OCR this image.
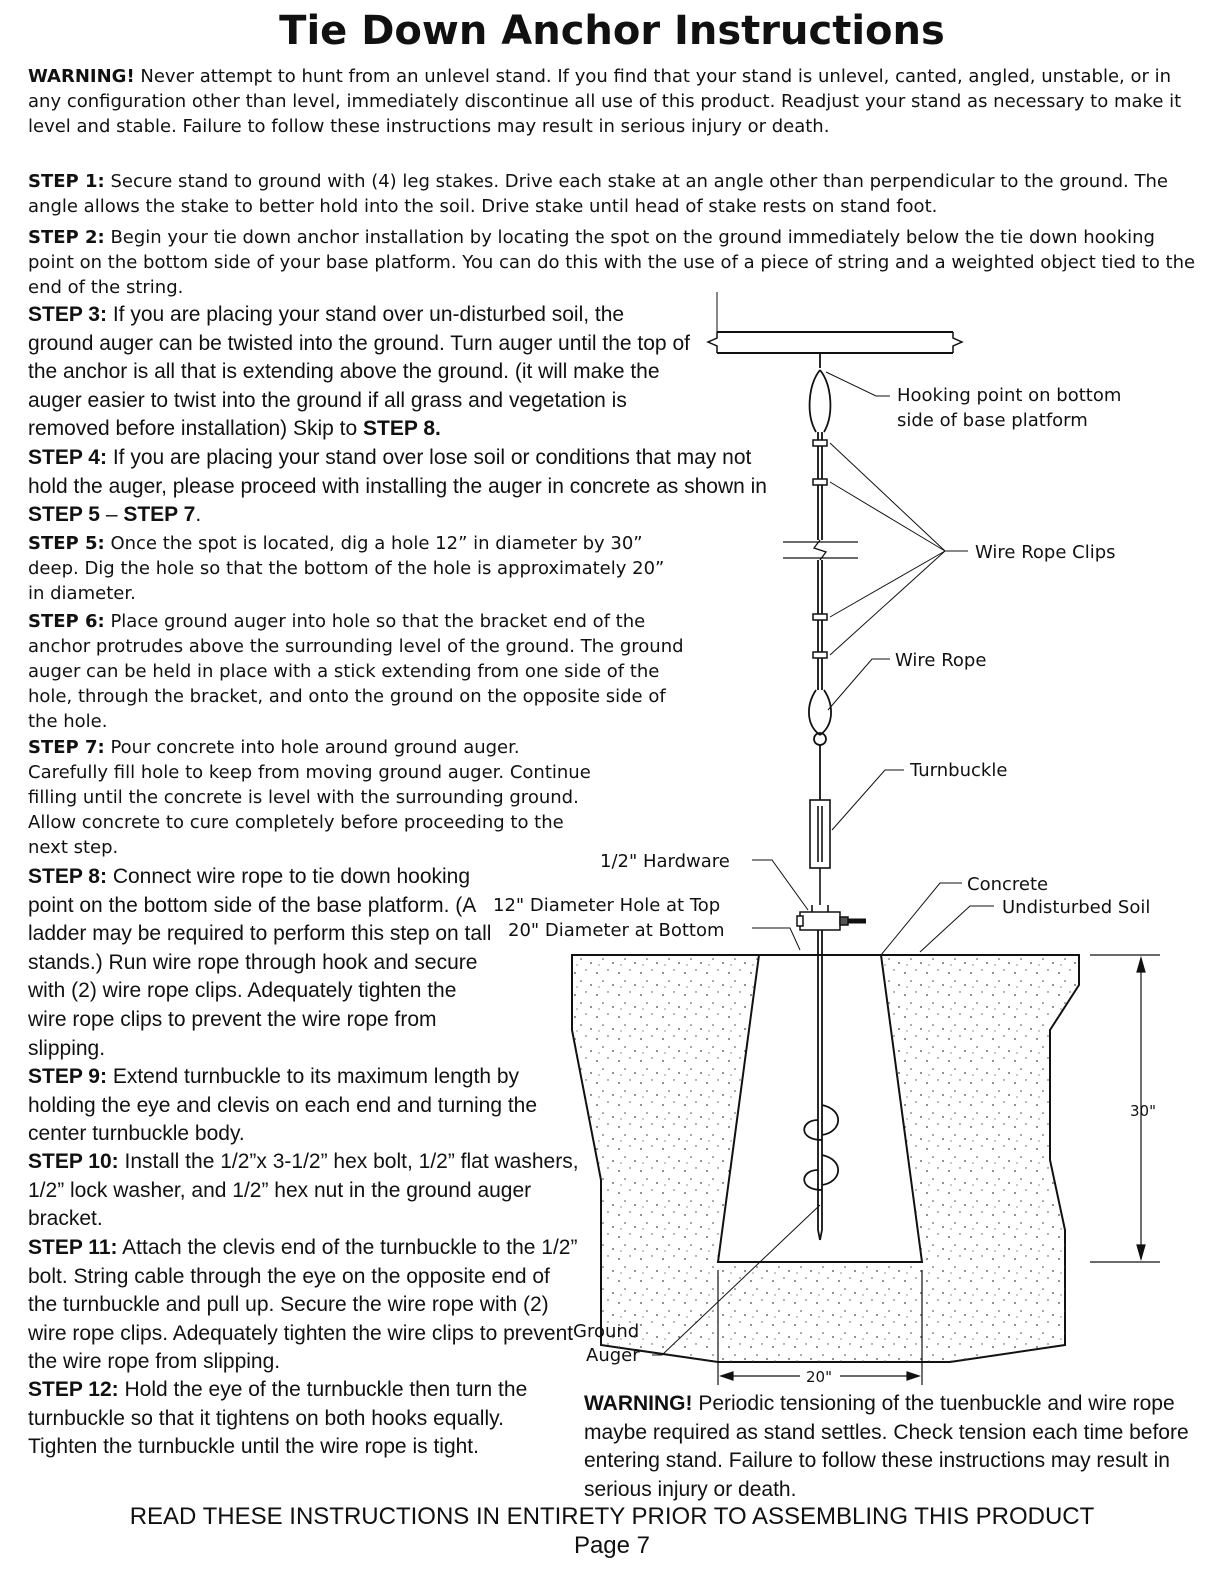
Tie Down Anchor Instructions

WARNING! Never attempt to hunt from an unlevel stand. If you find that your stand is unlevel, canted, angled, unstable, or in any configuration other than level, immediately discontinue all use of this product. Readjust your stand as necessary to make it level and stable. Failure to follow these instructions may result in serious injury or death.

STEP 1: Secure stand to ground with (4) leg stakes. Drive each stake at an angle other than perpendicular to the ground. The angle allows the stake to better hold into the soil. Drive stake until head of stake rests on stand foot.

STEP 2: Begin your tie down anchor installation by locating the spot on the ground immediately below the tie down hooking point on the bottom side of your base platform. You can do this with the use of a piece of string and a weighted object tied to the end of the string.

STEP 3: If you are placing your stand over un-disturbed soil, the ground auger can be twisted into the ground. Turn auger until the top of the anchor is all that is extending above the ground. (it will make the auger easier to twist into the ground if all grass and vegetation is removed before installation) Skip to STEP 8.

STEP 4: If you are placing your stand over lose soil or conditions that may not hold the auger, please proceed with installing the auger in concrete as shown in STEP 5 – STEP 7.

STEP 5: Once the spot is located, dig a hole 12” in diameter by 30” deep. Dig the hole so that the bottom of the hole is approximately 20” in diameter.

STEP 6: Place ground auger into hole so that the bracket end of the anchor protrudes above the surrounding level of the ground. The ground auger can be held in place with a stick extending from one side of the hole, through the bracket, and onto the ground on the opposite side of the hole.

STEP 7: Pour concrete into hole around ground auger. Carefully fill hole to keep from moving ground auger. Continue filling until the concrete is level with the surrounding ground. Allow concrete to cure completely before proceeding to the next step.

STEP 8: Connect wire rope to tie down hooking point on the bottom side of the base platform. (A ladder may be required to perform this step on tall stands.) Run wire rope through hook and secure with (2) wire rope clips. Adequately tighten the wire rope clips to prevent the wire rope from slipping.

STEP 9: Extend turnbuckle to its maximum length by holding the eye and clevis on each end and turning the center turnbuckle body.

STEP 10: Install the 1/2”x 3-1/2” hex bolt, 1/2” flat washers, 1/2” lock washer, and 1/2” hex nut in the ground auger bracket.

STEP 11: Attach the clevis end of the turnbuckle to the 1/2” bolt. String cable through the eye on the opposite end of the turnbuckle and pull up. Secure the wire rope with (2) wire rope clips. Adequately tighten the wire clips to prevent the wire rope from slipping.

STEP 12: Hold the eye of the turnbuckle then turn the turnbuckle so that it tightens on both hooks equally. Tighten the turnbuckle until the wire rope is tight.

WARNING! Periodic tensioning of the tuenbuckle and wire rope maybe required as stand settles. Check tension each time before entering stand. Failure to follow these instructions may result in serious injury or death.

Hooking point on bottom
side of base platform
Wire Rope Clips
Wire Rope
Turnbuckle
1/2" Hardware
Concrete
Undisturbed Soil
12" Diameter Hole at Top
20" Diameter at Bottom
30"
20"
Ground
Auger

READ THESE INSTRUCTIONS IN ENTIRETY PRIOR TO ASSEMBLING THIS PRODUCT

Page 7
